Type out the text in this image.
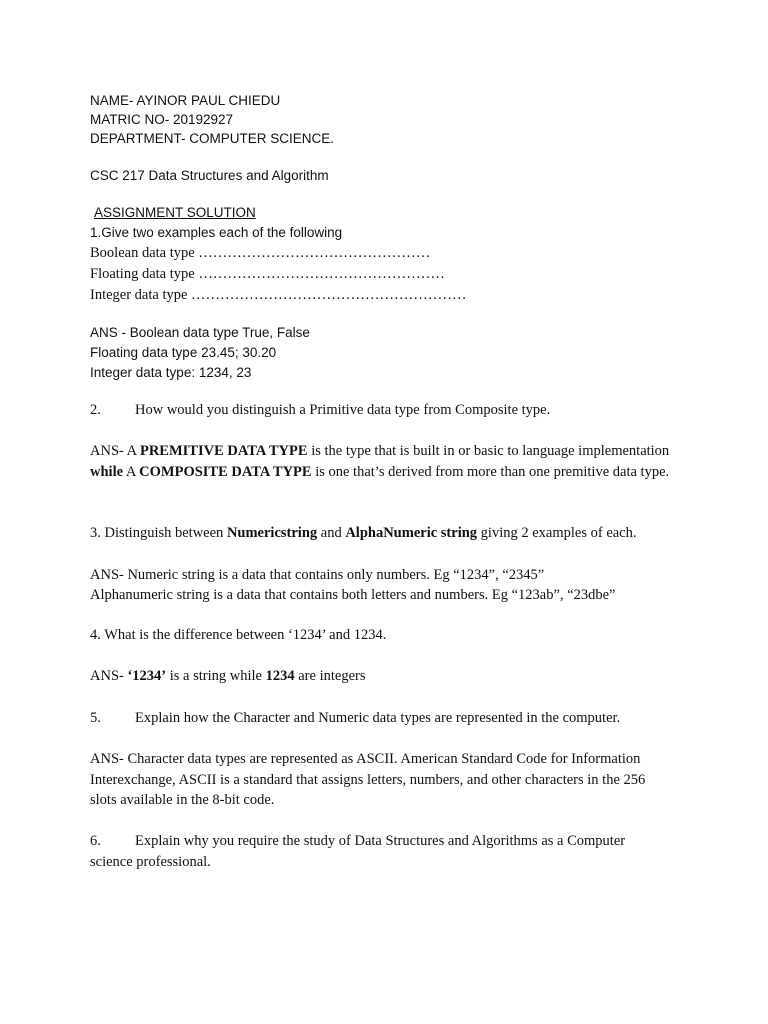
NAME- AYINOR PAUL CHIEDU
MATRIC NO- 20192927
DEPARTMENT- COMPUTER SCIENCE.
CSC 217 Data Structures and Algorithm
ASSIGNMENT SOLUTION
1.Give two examples each of the following
Boolean data type …………………………………………
Floating data type ……………………………………………
Integer data type …………………………………………………
ANS - Boolean data type True, False
Floating data type 23.45; 30.20
Integer data type: 1234, 23
2. How would you distinguish a Primitive data type from Composite type.
ANS- A PREMITIVE DATA TYPE is the type that is built in or basic to language implementation while A COMPOSITE DATA TYPE is one that’s derived from more than one premitive data type.
3. Distinguish between Numericstring and AlphaNumeric string giving 2 examples of each.
ANS- Numeric string is a data that contains only numbers. Eg “1234”, “2345”
Alphanumeric string is a data that contains both letters and numbers. Eg “123ab”, “23dbe”
4. What is the difference between ‘1234’ and 1234.
ANS- ‘1234’ is a string while 1234 are integers
5. Explain how the Character and Numeric data types are represented in the computer.
ANS- Character data types are represented as ASCII. American Standard Code for Information Interexchange, ASCII is a standard that assigns letters, numbers, and other characters in the 256 slots available in the 8-bit code.
6. Explain why you require the study of Data Structures and Algorithms as a Computer science professional.
